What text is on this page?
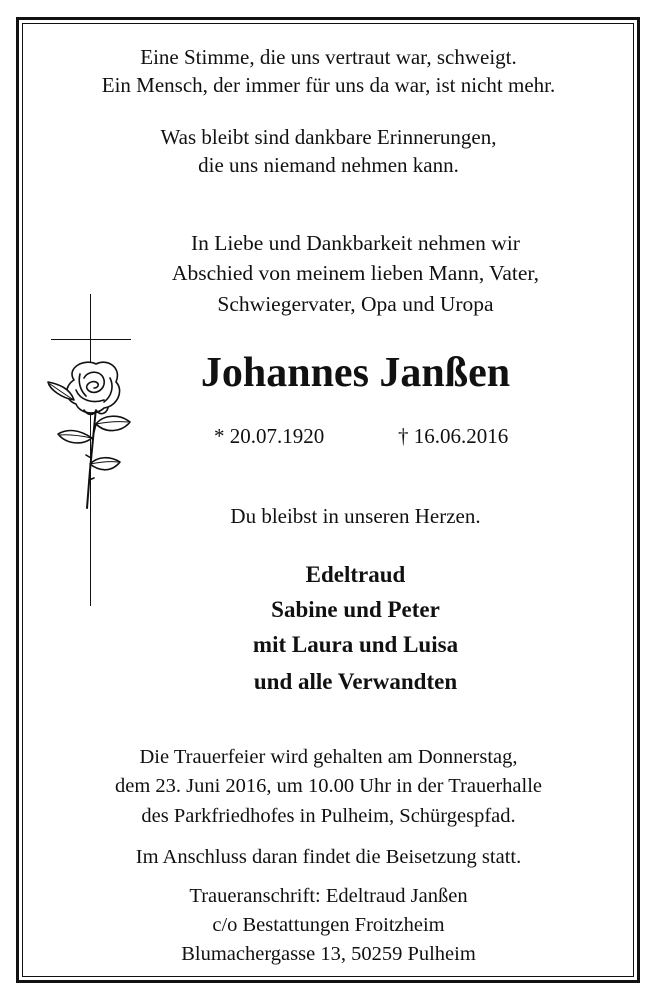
Eine Stimme, die uns vertraut war, schweigt.
Ein Mensch, der immer für uns da war, ist nicht mehr.
Was bleibt sind dankbare Erinnerungen,
die uns niemand nehmen kann.
In Liebe und Dankbarkeit nehmen wir
Abschied von meinem lieben Mann, Vater,
Schwiegervater, Opa und Uropa
Johannes Janßen
* 20.07.1920	† 16.06.2016
Du bleibst in unseren Herzen.
Edeltraud
Sabine und Peter
mit Laura und Luisa
und alle Verwandten
Die Trauerfeier wird gehalten am Donnerstag,
dem 23. Juni 2016, um 10.00 Uhr in der Trauerhalle
des Parkfriedhofes in Pulheim, Schürgespfad.
Im Anschluss daran findet die Beisetzung statt.
Traueranschrift: Edeltraud Janßen
c/o Bestattungen Froitzheim
Blumachergasse 13, 50259 Pulheim
